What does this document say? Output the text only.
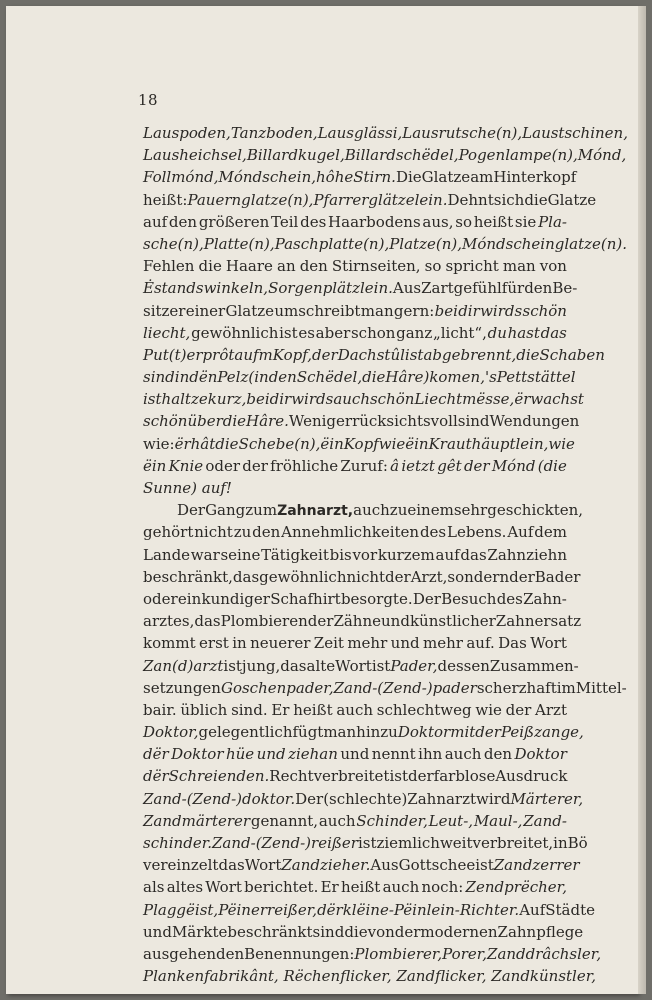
18
Lauspoden, Tanzboden, Lausglässi, Lausrutsche(n), Laustschinen,
Lausheichsel, Billardkugel, Billardschëdel, Pogenlampe(n), Mónd,
Follmónd, Móndschein, hôhe Stirn. Die Glatze am Hinterkopf
heißt: Pauernglatze(n), Pfarrerglätzelein. Dehnt sich die Glatze
auf den größeren Teil des Haarbodens aus, so heißt sie Pla-
sche(n), Platte(n), Paschplatte(n), Platze(n), Móndscheinglatze(n).
Fehlen die Haare an den Stirnseiten, so spricht man von
Ėstandswinkeln, Sorgenplätzlein. Aus Zartgefühl für den Be-
sitzer einer Glatze umschreibt man gern: bei dir wirds schön
liecht, gewöhnlich ist es aber schon ganz „licht“, du hast das
Put(t)erprôt aufm Kopf, der Dachstûl ist abgebrennt, die Schaben
sind in dën Pelz (in den Schëdel, die Hâre) komen, 's Pettstättel
ist halt ze kurz, bei dir wirds auch schön Liechtmësse, ër wachst
schön über die Hâre. Weniger rücksichtsvoll sind Wendungen
wie: ër hât die Schebe(n), ëin Kopf wie ëin Krauthäuptlein, wie
ëin Knie oder der fröhliche Zuruf: â ietzt gêt der Mónd (die
Sunne) auf!
Der Gang zum Zahnarzt, auch zu einem sehr geschickten,
gehört nicht zu den Annehmlichkeiten des Lebens. Auf dem
Lande war seine Tätigkeit bis vor kurzem auf das Zahnziehn
beschränkt, das gewöhnlich nicht der Arzt, sondern der Bader
oder ein kundiger Schafhirt besorgte. Der Besuch des Zahn-
arztes, das Plombieren der Zähne und künstlicher Zahnersatz
kommt erst in neuerer Zeit mehr und mehr auf. Das Wort
Zan(d)arzt ist jung, das alte Wort ist Pader, dessen Zusammen-
setzungen Goschenpader, Zand-(Zend-)pader scherzhaft im Mittel-
bair. üblich sind. Er heißt auch schlechtweg wie der Arzt
Doktor, gelegentlich fügt man hinzu Doktor mit der Peißzange,
dër Doktor hüe und ziehan und nennt ihn auch den Doktor
dër Schreienden. Recht verbreitet ist der farblose Ausdruck
Zand-(Zend-)doktor. Der (schlechte) Zahnarzt wird Märterer,
Zandmärterer genannt, auch Schinder, Leut-, Maul-, Zand-
schinder. Zand-(Zend-)reißer ist ziemlich weit verbreitet, in Bö
vereinzelt das Wort Zandzieher. Aus Gottschee ist Zandzerrer
als altes Wort berichtet. Er heißt auch noch: Zendprëcher,
Plaggëist, Pëinerreißer, dër klëine-Pëinlein-Richter. Auf Städte
und Märkte beschränkt sind die von der modernen Zahnpflege
ausgehenden Benennungen: Plombierer, Porer, Zanddrâchsler,
Plankenfabrikânt, Rëchenflicker, Zandflicker, Zandkünstler,
